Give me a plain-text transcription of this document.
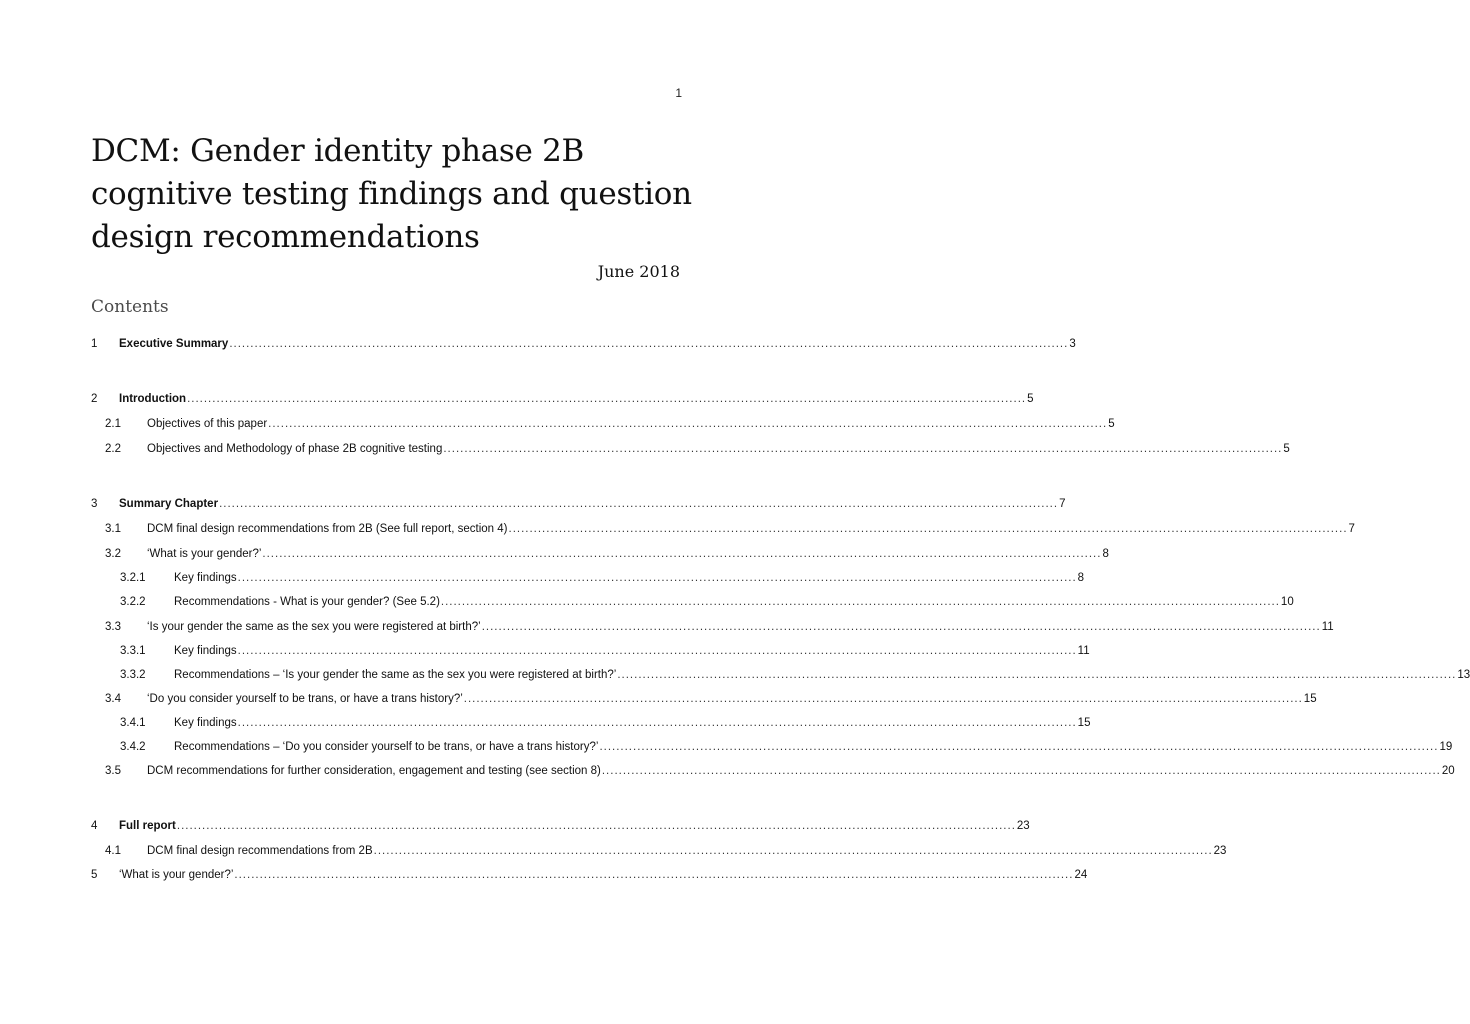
1
DCM: Gender identity phase 2B cognitive testing findings and question design recommendations
June 2018
Contents
1 Executive Summary ........................................................................................................................................................................................................ 3
2 Introduction ........................................................................................................................................................................................................ 5
2.1 Objectives of this paper ........................................................................................................................................................................................................ 5
2.2 Objectives and Methodology of phase 2B cognitive testing ........................................................................................................................................................................................................ 5
3 Summary Chapter ........................................................................................................................................................................................................ 7
3.1 DCM final design recommendations from 2B (See full report, section 4) ........................................................................................................................................................................................................ 7
3.2 ‘What is your gender?’ ........................................................................................................................................................................................................ 8
3.2.1 Key findings ........................................................................................................................................................................................................ 8
3.2.2 Recommendations - What is your gender? (See 5.2) ........................................................................................................................................................................................................ 10
3.3 ‘Is your gender the same as the sex you were registered at birth?’ ........................................................................................................................................................................................................ 11
3.3.1 Key findings ........................................................................................................................................................................................................ 11
3.3.2 Recommendations – ‘Is your gender the same as the sex you were registered at birth?’ ........................................................................................................................................................................................................ 13
3.4 ‘Do you consider yourself to be trans, or have a trans history?’ ........................................................................................................................................................................................................ 15
3.4.1 Key findings ........................................................................................................................................................................................................ 15
3.4.2 Recommendations – ‘Do you consider yourself to be trans, or have a trans history?’ ........................................................................................................................................................................................................ 19
3.5 DCM recommendations for further consideration, engagement and testing (see section 8) ........................................................................................................................................................................................................ 20
4 Full report ........................................................................................................................................................................................................ 23
4.1 DCM final design recommendations from 2B ........................................................................................................................................................................................................ 23
5 ‘What is your gender?’ ........................................................................................................................................................................................................ 24
